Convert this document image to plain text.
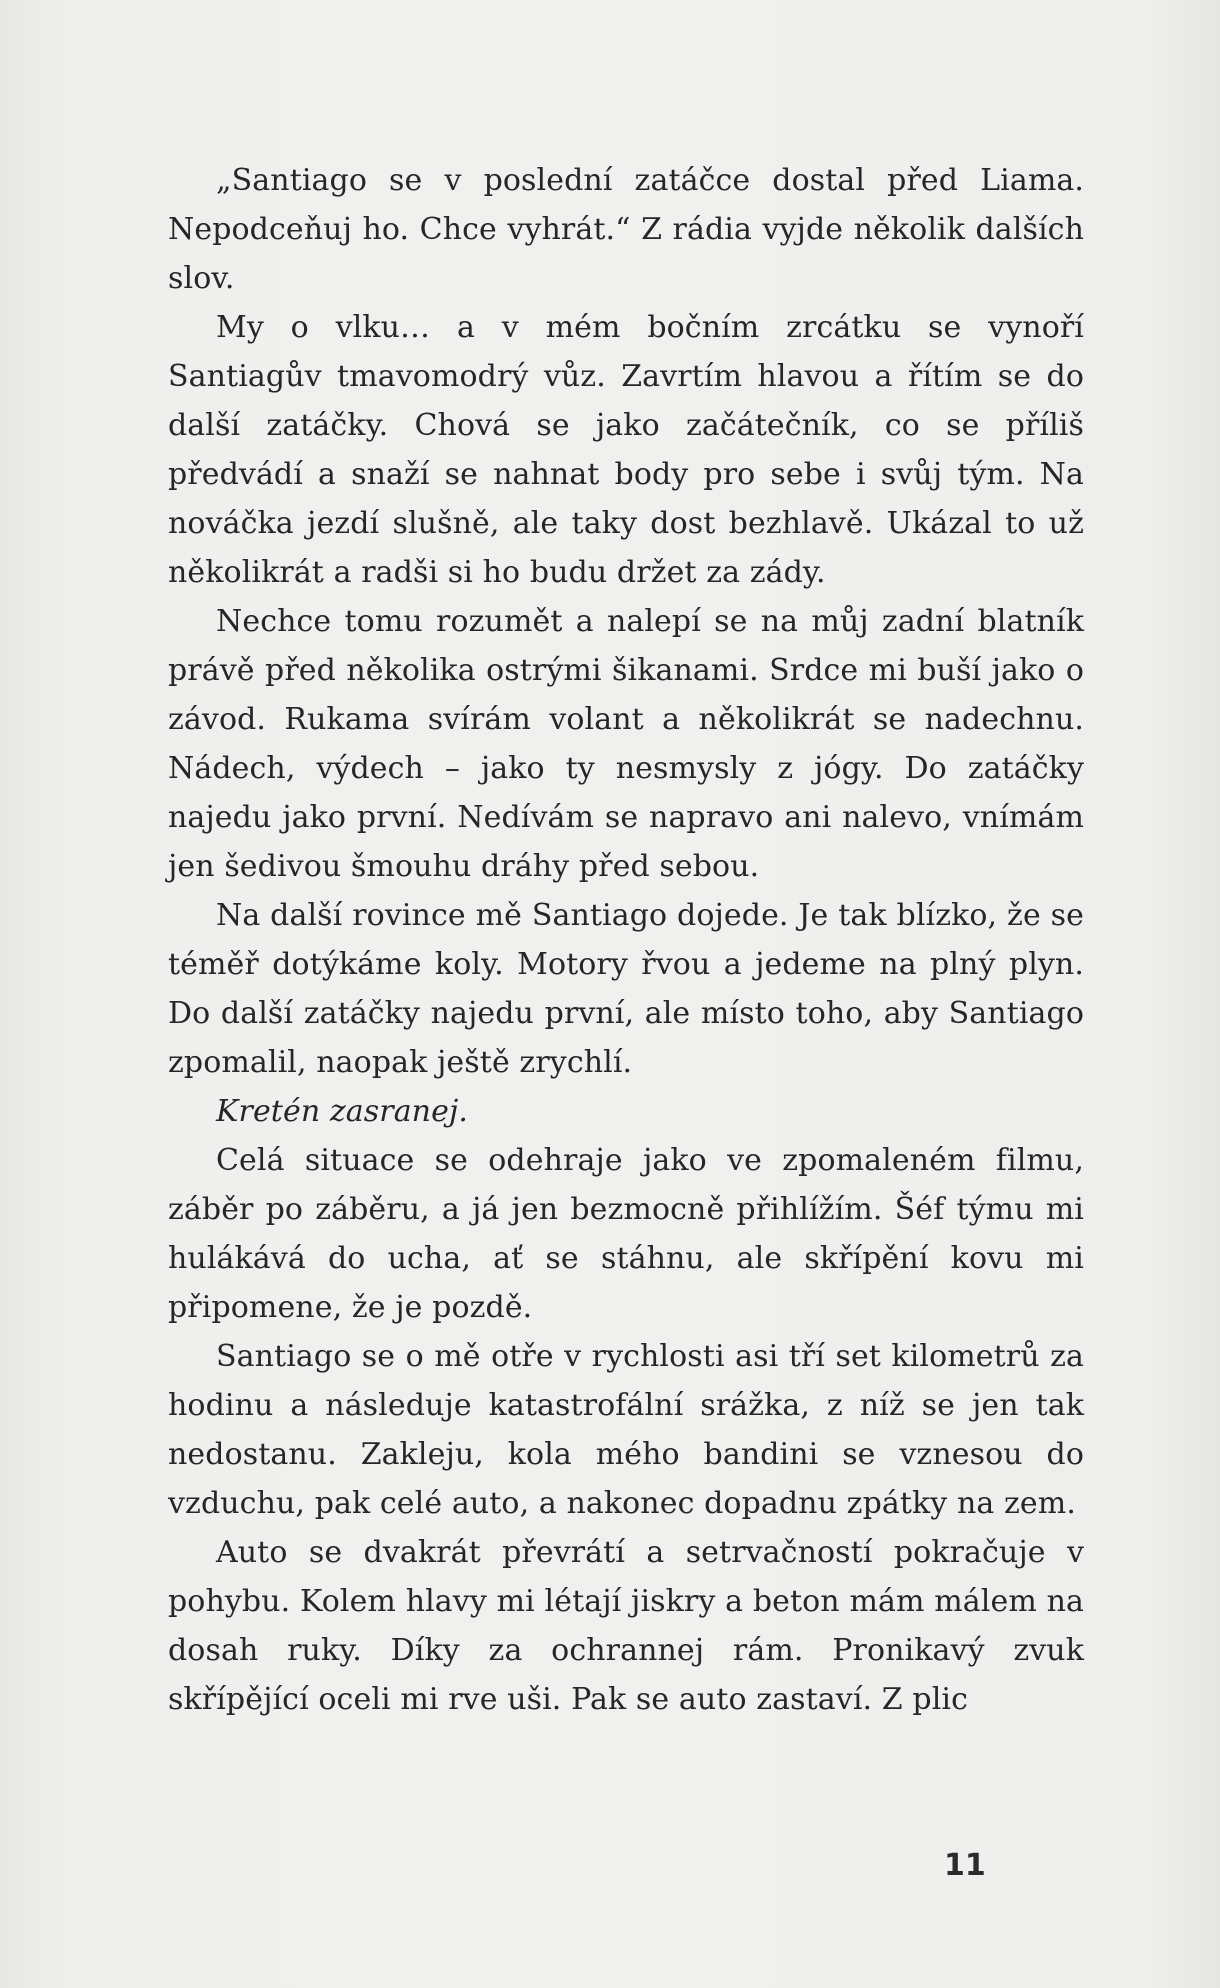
„Santiago se v poslední zatáčce dostal před Liama. Nepodceňuj ho. Chce vyhrát.“ Z rádia vyjde několik dalších slov.

My o vlku… a v mém bočním zrcátku se vynoří Santiagův tmavomodrý vůz. Zavrtím hlavou a řítím se do další zatáčky. Chová se jako začátečník, co se příliš předvádí a snaží se nahnat body pro sebe i svůj tým. Na nováčka jezdí slušně, ale taky dost bezhlavě. Ukázal to už několikrát a radši si ho budu držet za zády.

Nechce tomu rozumět a nalepí se na můj zadní blatník právě před několika ostrými šikanami. Srdce mi buší jako o závod. Rukama svírám volant a několikrát se nadechnu. Nádech, výdech – jako ty nesmysly z jógy. Do zatáčky najedu jako první. Nedívám se napravo ani nalevo, vnímám jen šedivou šmouhu dráhy před sebou.

Na další rovince mě Santiago dojede. Je tak blízko, že se téměř dotýkáme koly. Motory řvou a jedeme na plný plyn. Do další zatáčky najedu první, ale místo toho, aby Santiago zpomalil, naopak ještě zrychlí.

Kretén zasranej.

Celá situace se odehraje jako ve zpomaleném filmu, záběr po záběru, a já jen bezmocně přihlížím. Šéf týmu mi hulákává do ucha, ať se stáhnu, ale skřípění kovu mi připomene, že je pozdě.

Santiago se o mě otře v rychlosti asi tří set kilometrů za hodinu a následuje katastrofální srážka, z níž se jen tak nedostanu. Zakleju, kola mého bandini se vznesou do vzduchu, pak celé auto, a nakonec dopadnu zpátky na zem.

Auto se dvakrát převrátí a setrvačností pokračuje v pohybu. Kolem hlavy mi létají jiskry a beton mám málem na dosah ruky. Díky za ochrannej rám. Pronikavý zvuk skřípějící oceli mi rve uši. Pak se auto zastaví. Z plic

11
